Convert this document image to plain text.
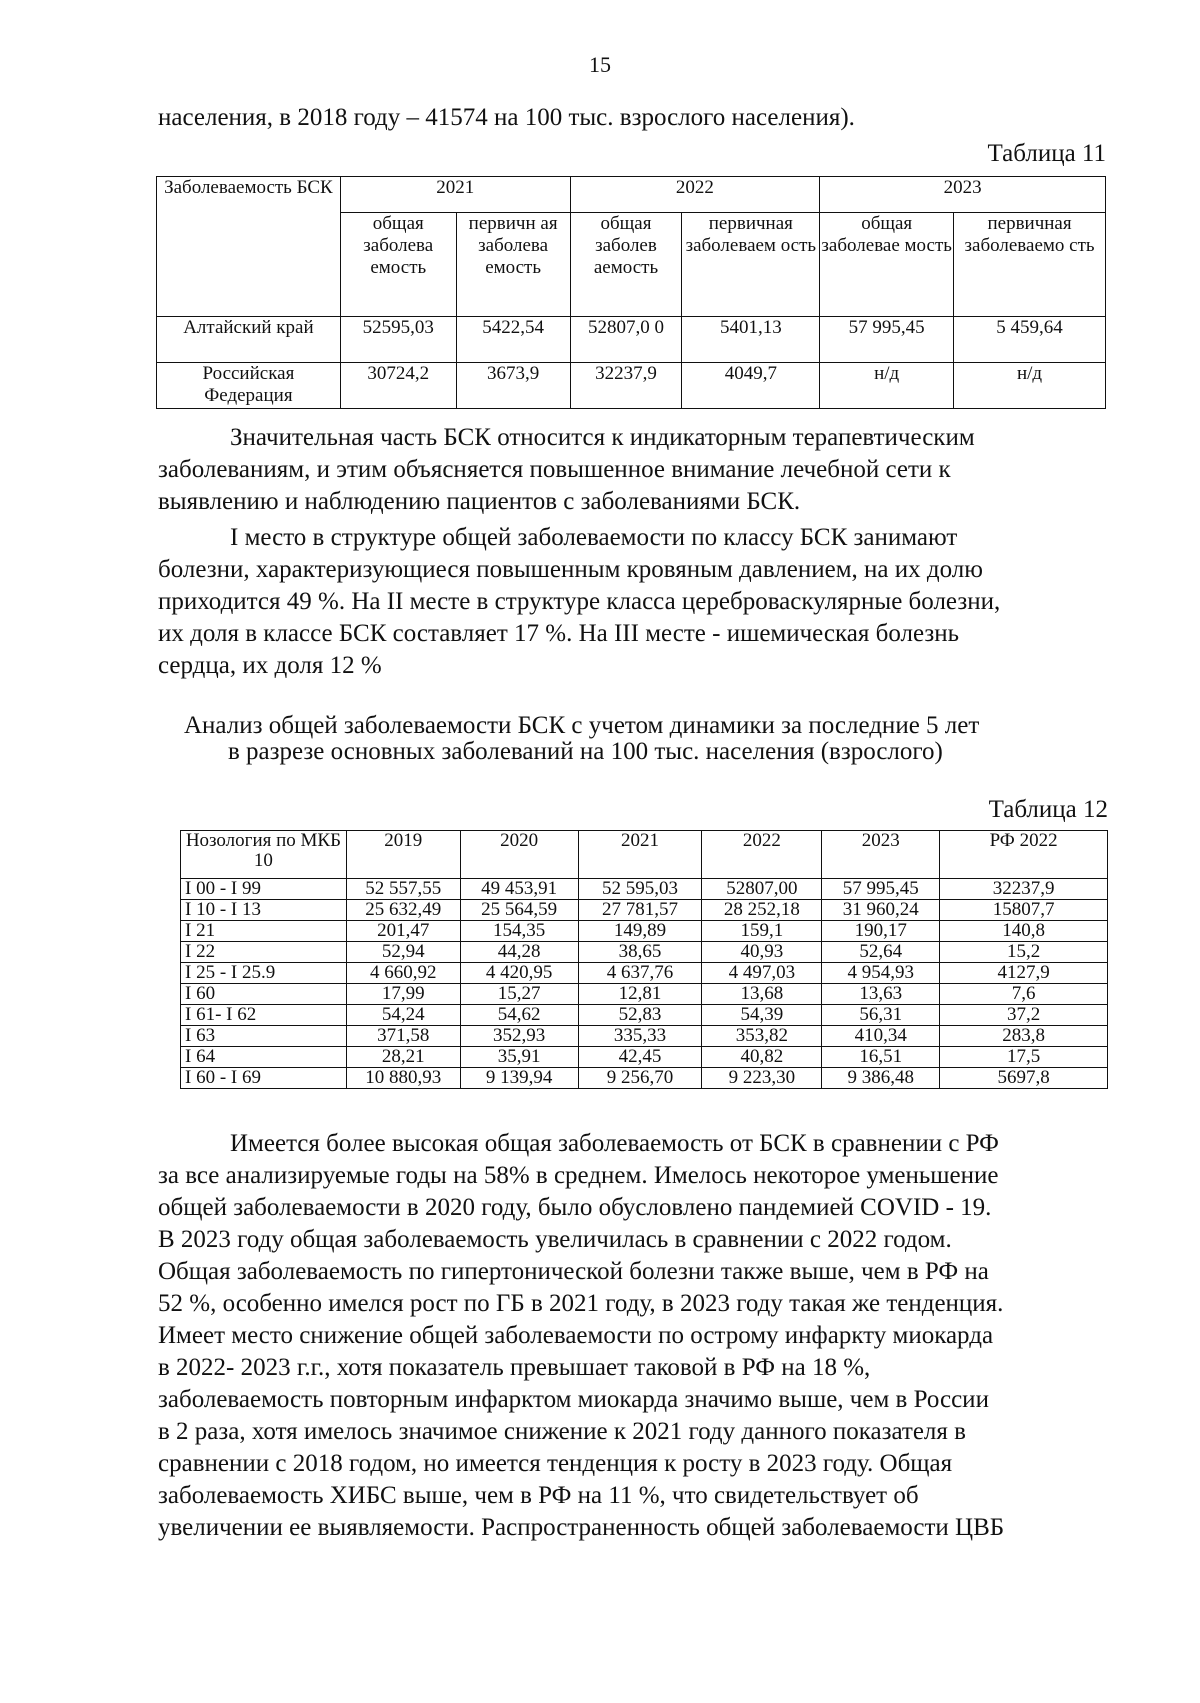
15
населения, в 2018 году – 41574 на 100 тыс. взрослого населения).
Таблица 11
Заболеваемость БСК	2021		2022		2023	
	общая заболева емость	первичн ая заболева емость	общая заболев аемость	первичная заболеваем ость	общая заболевае мость	первичная заболеваемо сть
Алтайский край	52595,03	5422,54	52807,0 0	5401,13	57 995,45	5 459,64
Российская Федерация	30724,2	3673,9	32237,9	4049,7	н/д	н/д
Значительная часть БСК относится к индикаторным терапевтическим
заболеваниям, и этим объясняется повышенное внимание лечебной сети к
выявлению и наблюдению пациентов с заболеваниями БСК.
I место в структуре общей заболеваемости по классу БСК занимают
болезни, характеризующиеся повышенным кровяным давлением, на их долю
приходится 49 %. На II месте в структуре класса цереброваскулярные болезни,
их доля в классе БСК составляет 17 %. На III месте - ишемическая болезнь
сердца, их доля 12 %
Анализ общей заболеваемости БСК с учетом динамики за последние 5 лет
в разрезе основных заболеваний на 100 тыс. населения (взрослого)
Таблица 12
Нозология по МКБ 10	2019	2020	2021	2022	2023	РФ 2022
I 00 - I 99	52 557,55	49 453,91	52 595,03	52807,00	57 995,45	32237,9
I 10 - I 13	25 632,49	25 564,59	27 781,57	28 252,18	31 960,24	15807,7
I 21	201,47	154,35	149,89	159,1	190,17	140,8
I 22	52,94	44,28	38,65	40,93	52,64	15,2
I 25 - I 25.9	4 660,92	4 420,95	4 637,76	4 497,03	4 954,93	4127,9
I 60	17,99	15,27	12,81	13,68	13,63	7,6
I 61- I 62	54,24	54,62	52,83	54,39	56,31	37,2
I 63	371,58	352,93	335,33	353,82	410,34	283,8
I 64	28,21	35,91	42,45	40,82	16,51	17,5
I 60 - I 69	10 880,93	9 139,94	9 256,70	9 223,30	9 386,48	5697,8
Имеется более высокая общая заболеваемость от БСК в сравнении с РФ
за все анализируемые годы на 58% в среднем. Имелось некоторое уменьшение
общей заболеваемости в 2020 году, было обусловлено пандемией COVID - 19.
В 2023 году общая заболеваемость увеличилась в сравнении с 2022 годом.
Общая заболеваемость по гипертонической болезни также выше, чем в РФ на
52 %, особенно имелся рост по ГБ в 2021 году, в 2023 году такая же тенденция.
Имеет место снижение общей заболеваемости по острому инфаркту миокарда
в 2022- 2023 г.г., хотя показатель превышает таковой в РФ на 18 %,
заболеваемость повторным инфарктом миокарда значимо выше, чем в России
в 2 раза, хотя имелось значимое снижение к 2021 году данного показателя в
сравнении с 2018 годом, но имеется тенденция к росту в 2023 году. Общая
заболеваемость ХИБС выше, чем в РФ на 11 %, что свидетельствует об
увеличении ее выявляемости. Распространенность общей заболеваемости ЦВБ
